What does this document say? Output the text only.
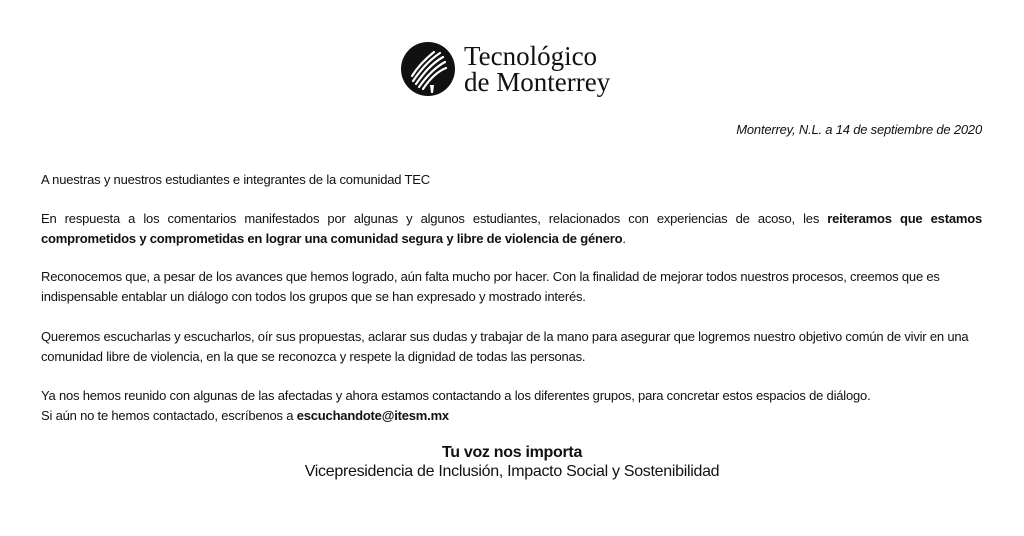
Tecnológico
de Monterrey
Monterrey, N.L. a 14 de septiembre de 2020

A nuestras y nuestros estudiantes e integrantes de la comunidad TEC

En respuesta a los comentarios manifestados por algunas y algunos estudiantes, relacionados con experiencias de acoso, les reiteramos que estamos comprometidos y comprometidas en lograr una comunidad segura y libre de violencia de género.

Reconocemos que, a pesar de los avances que hemos logrado, aún falta mucho por hacer. Con la finalidad de mejorar todos nuestros procesos, creemos que es indispensable entablar un diálogo con todos los grupos que se han expresado y mostrado interés.

Queremos escucharlas y escucharlos, oír sus propuestas, aclarar sus dudas y trabajar de la mano para asegurar que logremos nuestro objetivo común de vivir en una comunidad libre de violencia, en la que se reconozca y respete la dignidad de todas las personas.

Ya nos hemos reunido con algunas de las afectadas y ahora estamos contactando a los diferentes grupos, para concretar estos espacios de diálogo.

Si aún no te hemos contactado, escríbenos a escuchandote@itesm.mx

Tu voz nos importa
Vicepresidencia de Inclusión, Impacto Social y Sostenibilidad
